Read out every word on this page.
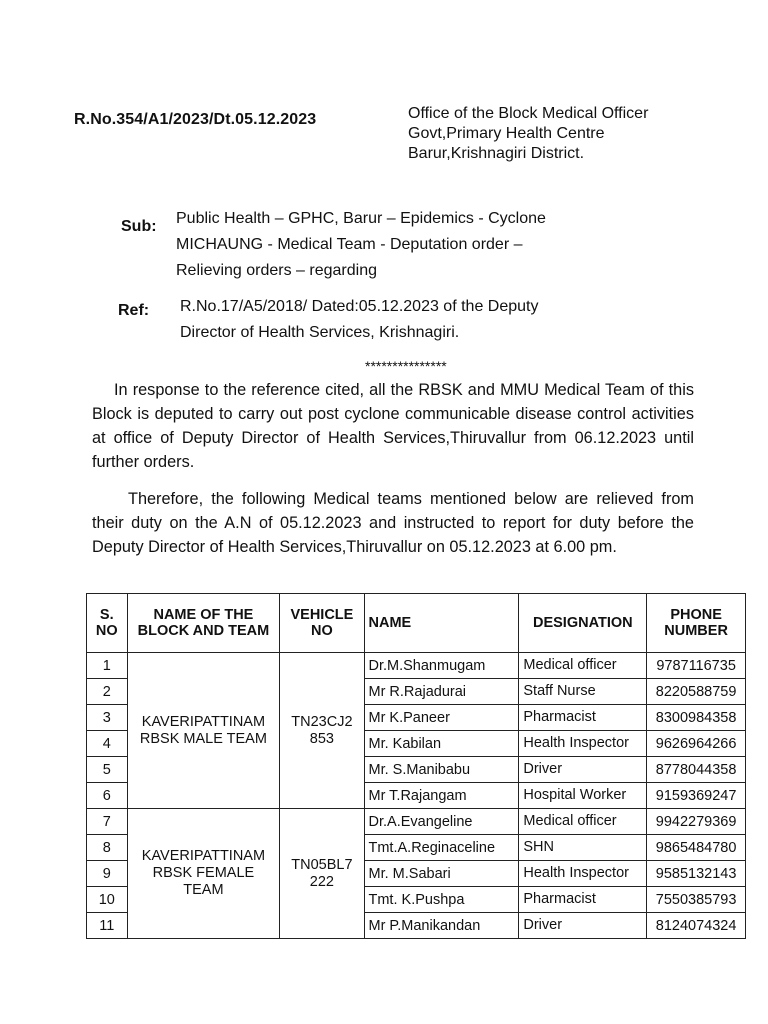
R.No.354/A1/2023/Dt.05.12.2023	Office of the Block Medical Officer
Govt,Primary Health Centre
Barur,Krishnagiri District.
Sub: Public Health – GPHC, Barur – Epidemics - Cyclone
MICHAUNG - Medical Team - Deputation order –
Relieving orders – regarding
Ref: R.No.17/A5/2018/ Dated:05.12.2023 of the Deputy
Director of Health Services, Krishnagiri.
***************
In response to the reference cited, all the RBSK and MMU Medical Team of this Block is deputed to carry out post cyclone communicable disease control activities at office of Deputy Director of Health Services,Thiruvallur from 06.12.2023 until further orders.
Therefore, the following Medical teams mentioned below are relieved from their duty on the A.N of 05.12.2023 and instructed to report for duty before the Deputy Director of Health Services,Thiruvallur on 05.12.2023 at 6.00 pm.
S. NO	NAME OF THE BLOCK AND TEAM	VEHICLE NO	NAME	DESIGNATION	PHONE NUMBER
1	KAVERIPATTINAM RBSK MALE TEAM	TN23CJ2 853	Dr.M.Shanmugam	Medical officer	9787116735
2			Mr R.Rajadurai	Staff Nurse	8220588759
3			Mr K.Paneer	Pharmacist	8300984358
4			Mr. Kabilan	Health Inspector	9626964266
5			Mr. S.Manibabu	Driver	8778044358
6			Mr T.Rajangam	Hospital Worker	9159369247
7	KAVERIPATTINAM RBSK FEMALE TEAM	TN05BL7 222	Dr.A.Evangeline	Medical officer	9942279369
8			Tmt.A.Reginaceline	SHN	9865484780
9			Mr. M.Sabari	Health Inspector	9585132143
10			Tmt. K.Pushpa	Pharmacist	7550385793
11			Mr P.Manikandan	Driver	8124074324
